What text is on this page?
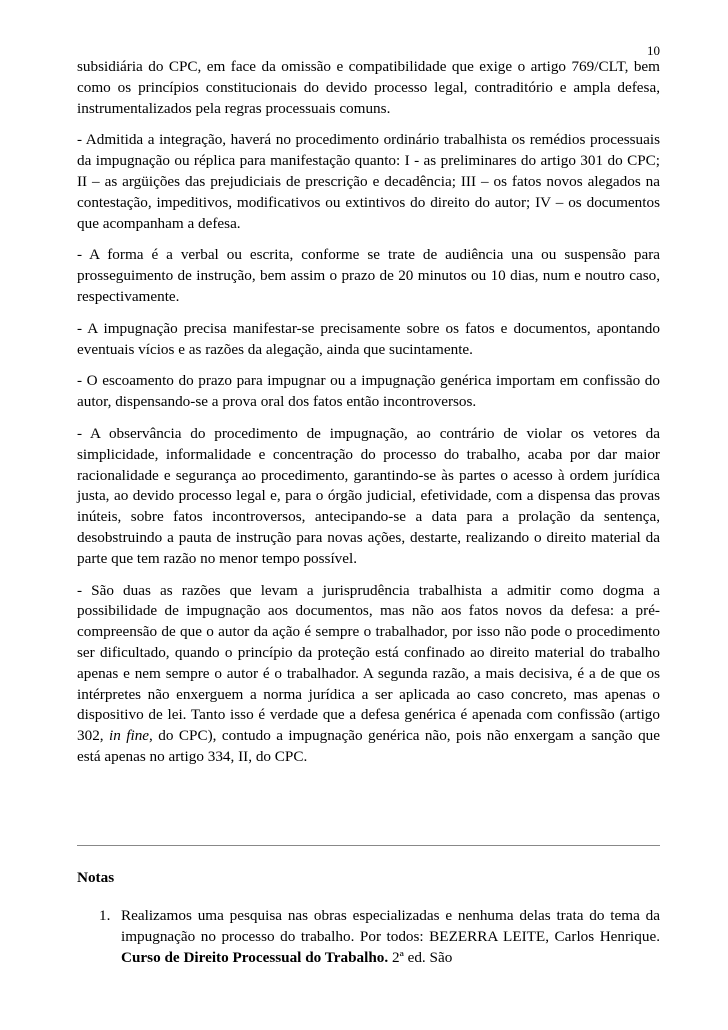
10

subsidiária do CPC, em face da omissão e compatibilidade que exige o artigo 769/CLT, bem como os princípios constitucionais do devido processo legal, contraditório e ampla defesa, instrumentalizados pela regras processuais comuns.

- Admitida a integração, haverá no procedimento ordinário trabalhista os remédios processuais da impugnação ou réplica para manifestação quanto: I - as preliminares do artigo 301 do CPC; II – as argüições das prejudiciais de prescrição e decadência; III – os fatos novos alegados na contestação, impeditivos, modificativos ou extintivos do direito do autor; IV – os documentos que acompanham a defesa.

- A forma é a verbal ou escrita, conforme se trate de audiência una ou suspensão para prosseguimento de instrução, bem assim o prazo de 20 minutos ou 10 dias, num e noutro caso, respectivamente.

- A impugnação precisa manifestar-se precisamente sobre os fatos e documentos, apontando eventuais vícios e as razões da alegação, ainda que sucintamente.

- O escoamento do prazo para impugnar ou a impugnação genérica importam em confissão do autor, dispensando-se a prova oral dos fatos então incontroversos.

- A observância do procedimento de impugnação, ao contrário de violar os vetores da simplicidade, informalidade e concentração do processo do trabalho, acaba por dar maior racionalidade e segurança ao procedimento, garantindo-se às partes o acesso à ordem jurídica justa, ao devido processo legal e, para o órgão judicial, efetividade, com a dispensa das provas inúteis, sobre fatos incontroversos, antecipando-se a data para a prolação da sentença, desobstruindo a pauta de instrução para novas ações, destarte, realizando o direito material da parte que tem razão no menor tempo possível.

- São duas as razões que levam a jurisprudência trabalhista a admitir como dogma a possibilidade de impugnação aos documentos, mas não aos fatos novos da defesa: a pré-compreensão de que o autor da ação é sempre o trabalhador, por isso não pode o procedimento ser dificultado, quando o princípio da proteção está confinado ao direito material do trabalho apenas e nem sempre o autor é o trabalhador. A segunda razão, a mais decisiva, é a de que os intérpretes não enxerguem a norma jurídica a ser aplicada ao caso concreto, mas apenas o dispositivo de lei. Tanto isso é verdade que a defesa genérica é apenada com confissão (artigo 302, in fine, do CPC), contudo a impugnação genérica não, pois não enxergam a sanção que está apenas no artigo 334, II, do CPC.

Notas
1. Realizamos uma pesquisa nas obras especializadas e nenhuma delas trata do tema da impugnação no processo do trabalho. Por todos: BEZERRA LEITE, Carlos Henrique. Curso de Direito Processual do Trabalho. 2ª ed. São
